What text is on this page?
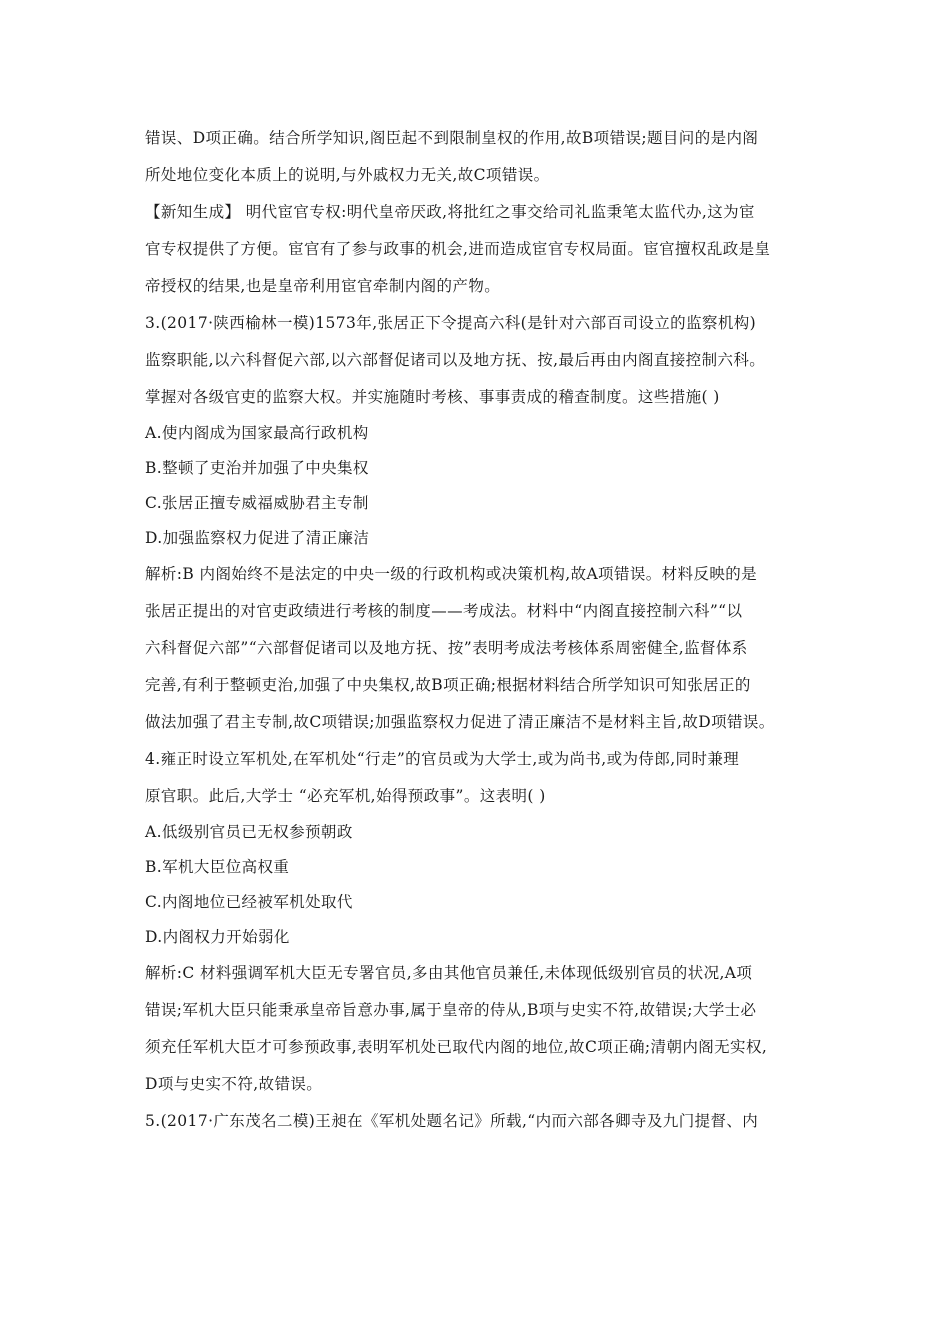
错误、D项正确。结合所学知识,阁臣起不到限制皇权的作用,故B项错误;题目问的是内阁
所处地位变化本质上的说明,与外戚权力无关,故C项错误。
【新知生成】 明代宦官专权:明代皇帝厌政,将批红之事交给司礼监秉笔太监代办,这为宦
官专权提供了方便。宦官有了参与政事的机会,进而造成宦官专权局面。宦官擅权乱政是皇
帝授权的结果,也是皇帝利用宦官牵制内阁的产物。
3.(2017·陕西榆林一模)1573年,张居正下令提高六科(是针对六部百司设立的监察机构)
监察职能,以六科督促六部,以六部督促诸司以及地方抚、按,最后再由内阁直接控制六科。
掌握对各级官吏的监察大权。并实施随时考核、事事责成的稽查制度。这些措施( )
A.使内阁成为国家最高行政机构
B.整顿了吏治并加强了中央集权
C.张居正擅专威福威胁君主专制
D.加强监察权力促进了清正廉洁
解析:B 内阁始终不是法定的中央一级的行政机构或决策机构,故A项错误。材料反映的是
张居正提出的对官吏政绩进行考核的制度——考成法。材料中“内阁直接控制六科”“以
六科督促六部”“六部督促诸司以及地方抚、按”表明考成法考核体系周密健全,监督体系
完善,有利于整顿吏治,加强了中央集权,故B项正确;根据材料结合所学知识可知张居正的
做法加强了君主专制,故C项错误;加强监察权力促进了清正廉洁不是材料主旨,故D项错误。
4.雍正时设立军机处,在军机处“行走”的官员或为大学士,或为尚书,或为侍郎,同时兼理
原官职。此后,大学士 “必充军机,始得预政事”。这表明( )
A.低级别官员已无权参预朝政
B.军机大臣位高权重
C.内阁地位已经被军机处取代
D.内阁权力开始弱化
解析:C 材料强调军机大臣无专署官员,多由其他官员兼任,未体现低级别官员的状况,A项
错误;军机大臣只能秉承皇帝旨意办事,属于皇帝的侍从,B项与史实不符,故错误;大学士必
须充任军机大臣才可参预政事,表明军机处已取代内阁的地位,故C项正确;清朝内阁无实权,
D项与史实不符,故错误。
5.(2017·广东茂名二模)王昶在《军机处题名记》所载,“内而六部各卿寺及九门提督、内
